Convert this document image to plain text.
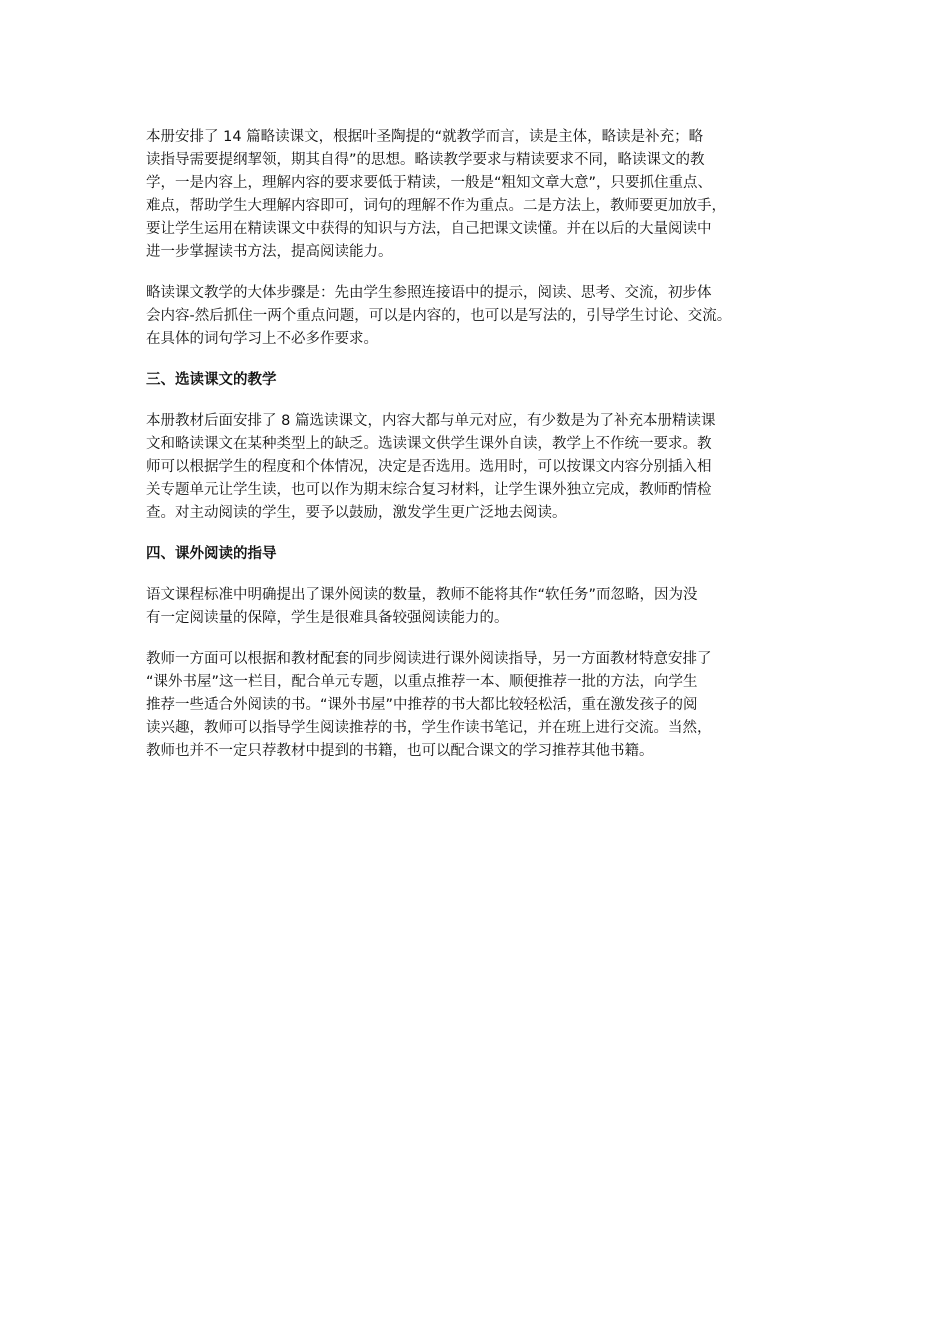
本册安排了 14 篇略读课文，根据叶圣陶提的“就教学而言，读是主体，略读是补充；略

读指导需要提纲挈领，期其自得”的思想。略读教学要求与精读要求不同，略读课文的教

学，一是内容上，理解内容的要求要低于精读，一般是“粗知文章大意”，只要抓住重点、

难点，帮助学生大理解内容即可，词句的理解不作为重点。二是方法上，教师要更加放手，

要让学生运用在精读课文中获得的知识与方法，自己把课文读懂。并在以后的大量阅读中

进一步掌握读书方法，提高阅读能力。

略读课文教学的大体步骤是：先由学生参照连接语中的提示，阅读、思考、交流，初步体

会内容-然后抓住一两个重点问题，可以是内容的，也可以是写法的，引导学生讨论、交流。

在具体的词句学习上不必多作要求。

三、选读课文的教学

本册教材后面安排了 8 篇选读课文，内容大都与单元对应，有少数是为了补充本册精读课

文和略读课文在某种类型上的缺乏。选读课文供学生课外自读，教学上不作统一要求。教

师可以根据学生的程度和个体情况，决定是否选用。选用时，可以按课文内容分别插入相

关专题单元让学生读，也可以作为期末综合复习材料，让学生课外独立完成，教师酌情检

查。对主动阅读的学生，要予以鼓励，激发学生更广泛地去阅读。

四、课外阅读的指导

语文课程标准中明确提出了课外阅读的数量，教师不能将其作“软任务”而忽略，因为没

有一定阅读量的保障，学生是很难具备较强阅读能力的。

教师一方面可以根据和教材配套的同步阅读进行课外阅读指导，另一方面教材特意安排了

“课外书屋”这一栏目，配合单元专题，以重点推荐一本、顺便推荐一批的方法，向学生

推荐一些适合外阅读的书。“课外书屋”中推荐的书大都比较轻松活，重在激发孩子的阅

读兴趣，教师可以指导学生阅读推荐的书，学生作读书笔记，并在班上进行交流。当然，

教师也并不一定只荐教材中提到的书籍，也可以配合课文的学习推荐其他书籍。
